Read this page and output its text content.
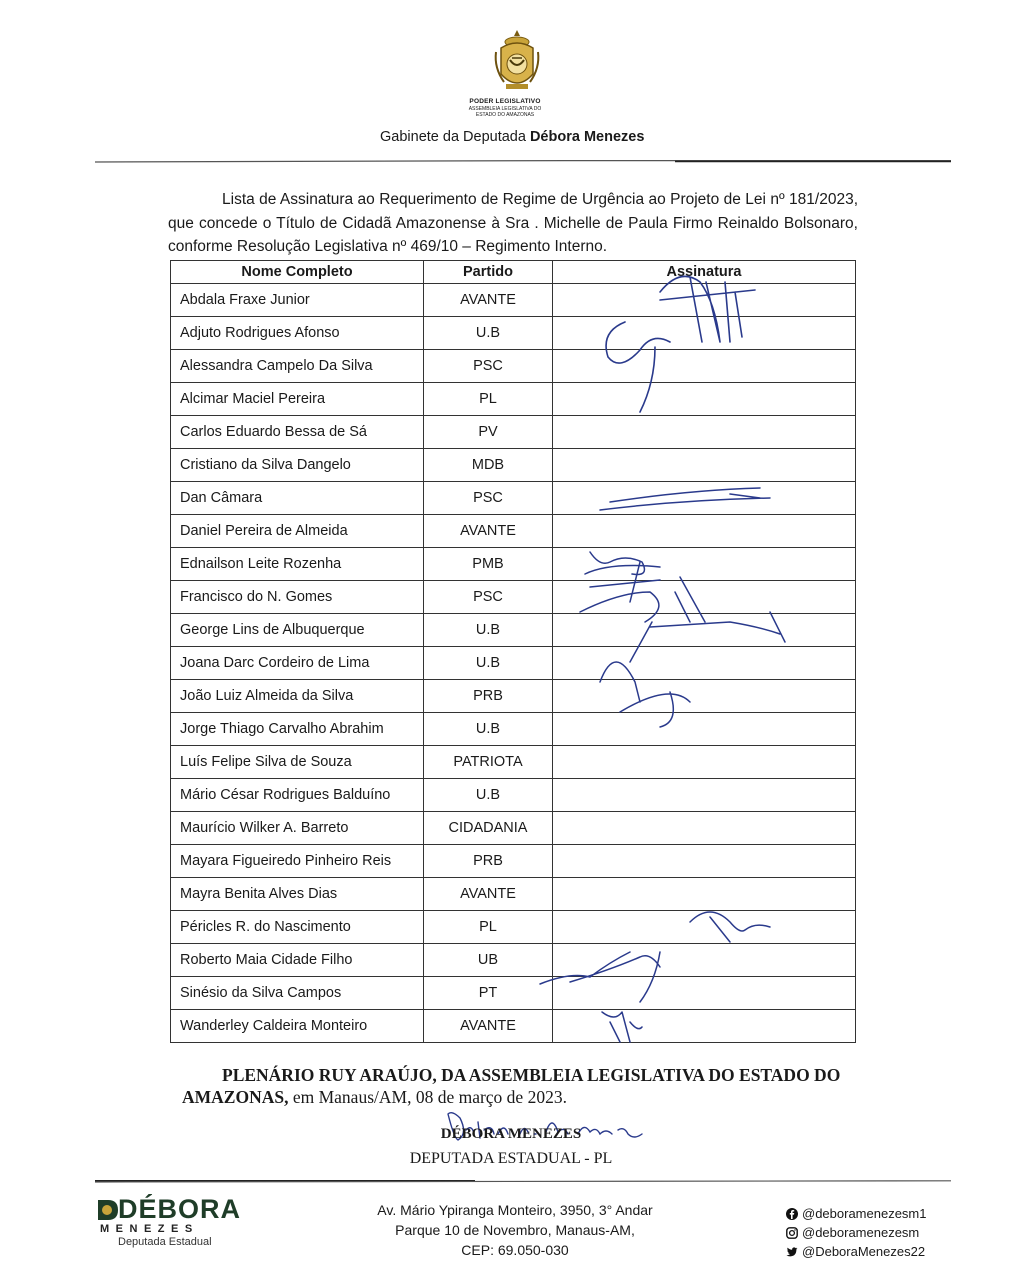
PODER LEGISLATIVO
ASSEMBLEIA LEGISLATIVA DO
ESTADO DO AMAZONAS
Gabinete da Deputada Débora Menezes
Lista de Assinatura ao Requerimento de Regime de Urgência ao Projeto de Lei nº 181/2023, que concede o Título de Cidadã Amazonense à Sra . Michelle de Paula Firmo Reinaldo Bolsonaro, conforme Resolução Legislativa nº 469/10 – Regimento Interno.
Nome Completo	Partido	Assinatura
Abdala Fraxe Junior	AVANTE	
Adjuto Rodrigues Afonso	U.B	
Alessandra Campelo Da Silva	PSC	
Alcimar Maciel Pereira	PL	
Carlos Eduardo Bessa de Sá	PV	
Cristiano da Silva Dangelo	MDB	
Dan Câmara	PSC	
Daniel Pereira de Almeida	AVANTE	
Ednailson Leite Rozenha	PMB	
Francisco do N. Gomes	PSC	
George Lins de Albuquerque	U.B	
Joana Darc Cordeiro de Lima	U.B	
João Luiz Almeida da Silva	PRB	
Jorge Thiago Carvalho Abrahim	U.B	
Luís Felipe Silva de Souza	PATRIOTA	
Mário César Rodrigues Balduíno	U.B	
Maurício Wilker A. Barreto	CIDADANIA	
Mayara Figueiredo Pinheiro Reis	PRB	
Mayra Benita Alves Dias	AVANTE	
Péricles R. do Nascimento	PL	
Roberto Maia Cidade Filho	UB	
Sinésio da Silva Campos	PT	
Wanderley Caldeira Monteiro	AVANTE	
PLENÁRIO RUY ARAÚJO, DA ASSEMBLEIA LEGISLATIVA DO ESTADO DO
AMAZONAS, em Manaus/AM, 08 de março de 2023.
DÉBORA MENEZES
DEPUTADA ESTADUAL - PL
DÉBORA
MENEZES
Deputada Estadual
Av. Mário Ypiranga Monteiro, 3950, 3° Andar
Parque 10 de Novembro, Manaus-AM,
CEP: 69.050-030
@deboramenezesm1
@deboramenezesm
@DeboraMenezes22
